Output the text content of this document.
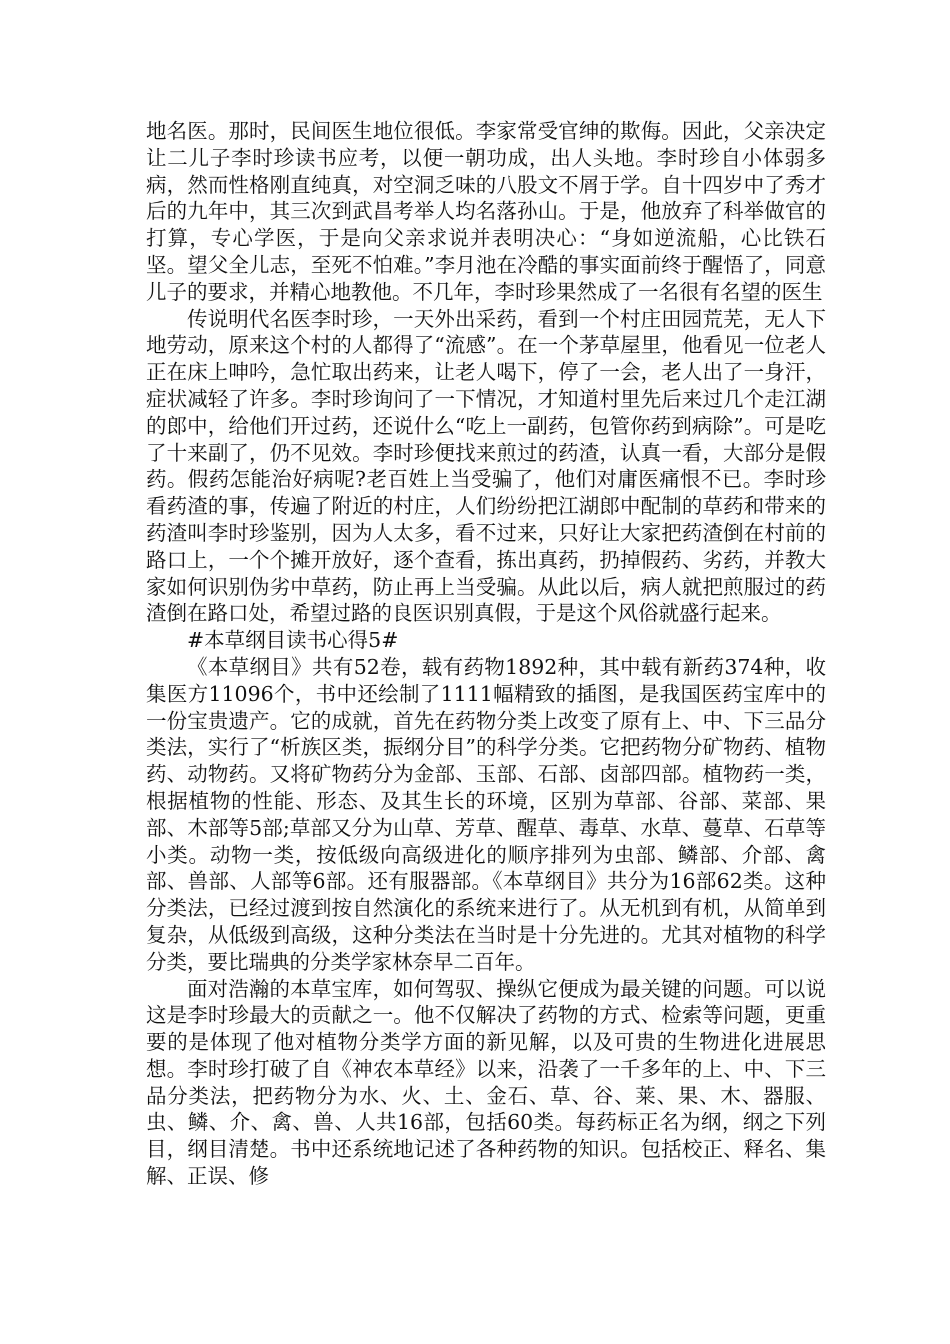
地名医。那时，民间医生地位很低。李家常受官绅的欺侮。因此，父亲决定让二儿子李时珍读书应考，以便一朝功成，出人头地。李时珍自小体弱多病，然而性格刚直纯真，对空洞乏味的八股文不屑于学。自十四岁中了秀才后的九年中，其三次到武昌考举人均名落孙山。于是，他放弃了科举做官的打算，专心学医，于是向父亲求说并表明决心：“身如逆流船，心比铁石坚。望父全儿志，至死不怕难。”李月池在冷酷的事实面前终于醒悟了，同意儿子的要求，并精心地教他。不几年，李时珍果然成了一名很有名望的医生

传说明代名医李时珍，一天外出采药，看到一个村庄田园荒芜，无人下地劳动，原来这个村的人都得了“流感”。在一个茅草屋里，他看见一位老人正在床上呻吟，急忙取出药来，让老人喝下，停了一会，老人出了一身汗，症状减轻了许多。李时珍询问了一下情况，才知道村里先后来过几个走江湖的郎中，给他们开过药，还说什么“吃上一副药，包管你药到病除”。可是吃了十来副了，仍不见效。李时珍便找来煎过的药渣，认真一看，大部分是假药。假药怎能治好病呢?老百姓上当受骗了，他们对庸医痛恨不已。李时珍看药渣的事，传遍了附近的村庄，人们纷纷把江湖郎中配制的草药和带来的药渣叫李时珍鉴别，因为人太多，看不过来，只好让大家把药渣倒在村前的路口上，一个个摊开放好，逐个查看，拣出真药，扔掉假药、劣药，并教大家如何识别伪劣中草药，防止再上当受骗。从此以后，病人就把煎服过的药渣倒在路口处，希望过路的良医识别真假，于是这个风俗就盛行起来。

#本草纲目读书心得5#

《本草纲目》共有52卷，载有药物1892种，其中载有新药374种，收集医方11096个，书中还绘制了1111幅精致的插图，是我国医药宝库中的一份宝贵遗产。它的成就，首先在药物分类上改变了原有上、中、下三品分类法，实行了“析族区类，振纲分目”的科学分类。它把药物分矿物药、植物药、动物药。又将矿物药分为金部、玉部、石部、卤部四部。植物药一类，根据植物的性能、形态、及其生长的环境，区别为草部、谷部、菜部、果部、木部等5部;草部又分为山草、芳草、醒草、毒草、水草、蔓草、石草等小类。动物一类，按低级向高级进化的顺序排列为虫部、鳞部、介部、禽部、兽部、人部等6部。还有服器部。《本草纲目》共分为16部62类。这种分类法，已经过渡到按自然演化的系统来进行了。从无机到有机，从简单到复杂，从低级到高级，这种分类法在当时是十分先进的。尤其对植物的科学分类，要比瑞典的分类学家林奈早二百年。

面对浩瀚的本草宝库，如何驾驭、操纵它便成为最关键的问题。可以说这是李时珍最大的贡献之一。他不仅解决了药物的方式、检索等问题，更重要的是体现了他对植物分类学方面的新见解，以及可贵的生物进化进展思想。李时珍打破了自《神农本草经》以来，沿袭了一千多年的上、中、下三品分类法，把药物分为水、火、土、金石、草、谷、莱、果、木、器服、虫、鳞、介、禽、兽、人共16部，包括60类。每药标正名为纲，纲之下列目，纲目清楚。书中还系统地记述了各种药物的知识。包括校正、释名、集解、正误、修
